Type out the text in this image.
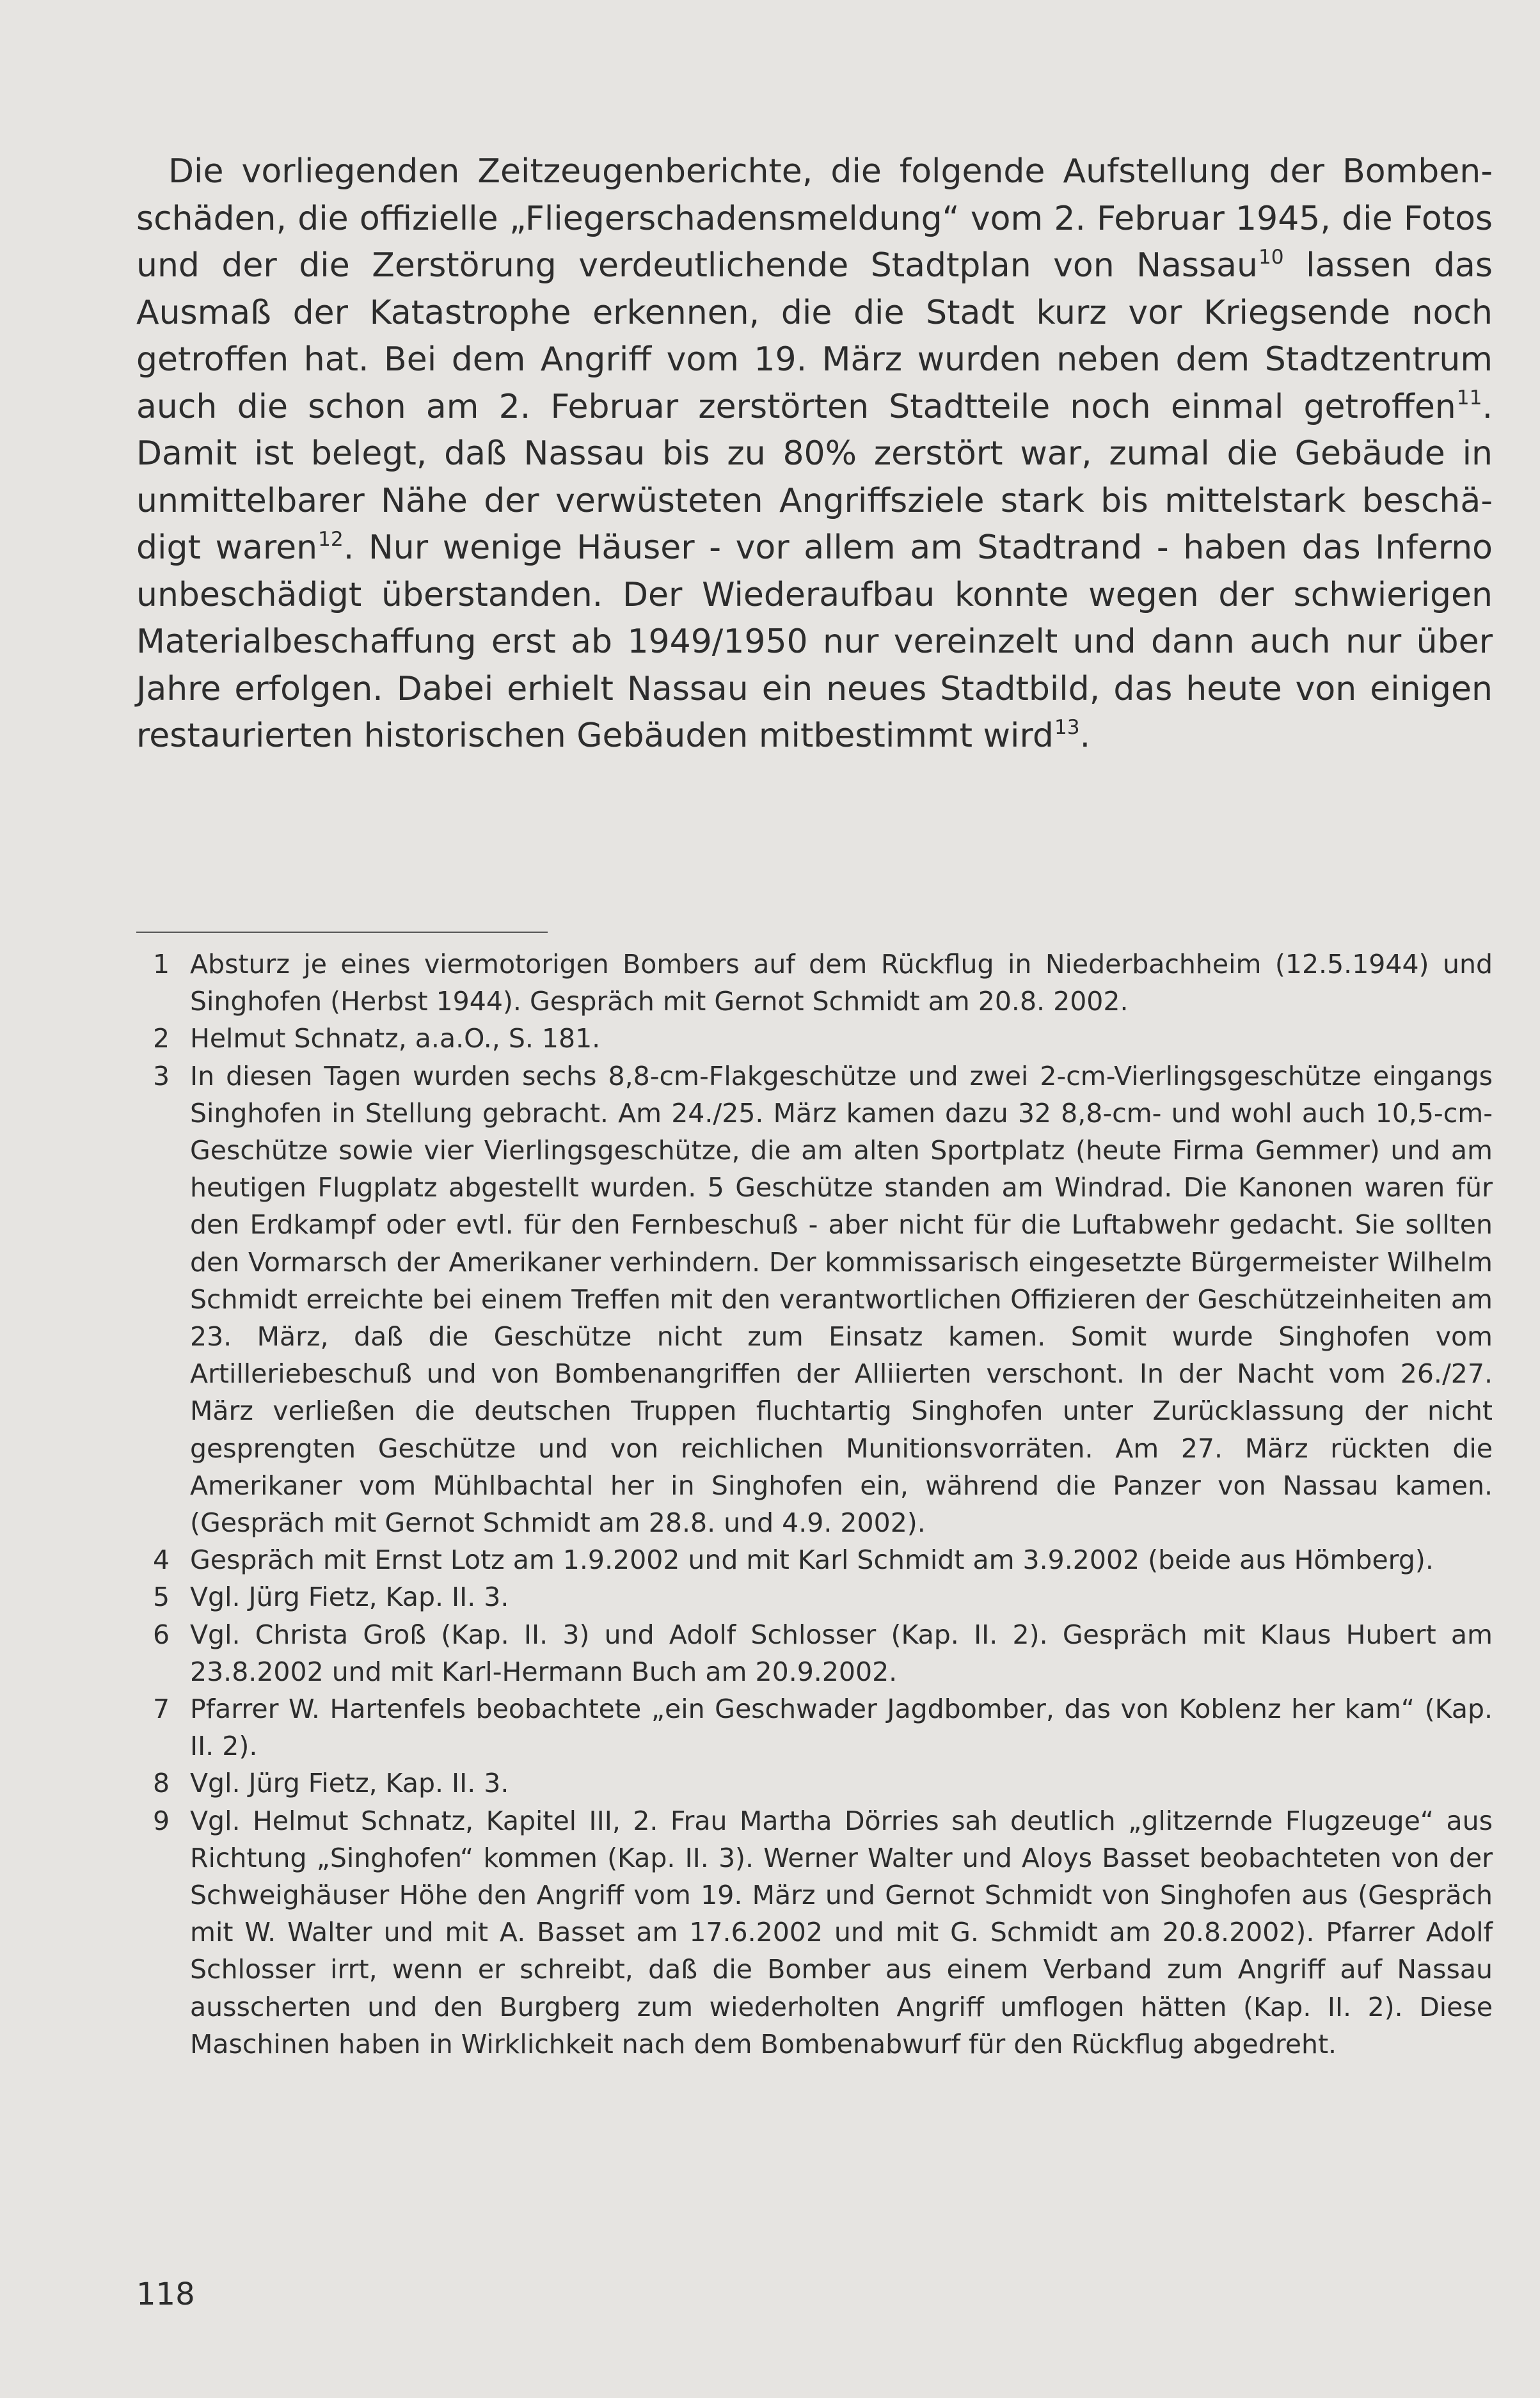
Die vorliegenden Zeitzeugenberichte, die folgende Aufstellung der Bombenschäden, die offizielle „Fliegerschadensmeldung“ vom 2. Februar 1945, die Fotos und der die Zerstörung verdeutlichende Stadtplan von Nassau$^{10}$ lassen das Ausmaß der Katastrophe erkennen, die die Stadt kurz vor Kriegsende noch getroffen hat. Bei dem Angriff vom 19. März wurden neben dem Stadtzentrum auch die schon am 2. Februar zerstörten Stadtteile noch einmal getroffen$^{11}$. Damit ist belegt, daß Nassau bis zu 80% zerstört war, zumal die Gebäude in unmittelbarer Nähe der verwüsteten Angriffsziele stark bis mittelstark beschädigt waren$^{12}$. Nur wenige Häuser - vor allem am Stadtrand - haben das Inferno unbeschädigt überstanden. Der Wiederaufbau konnte wegen der schwierigen Materialbeschaffung erst ab 1949/1950 nur vereinzelt und dann auch nur über Jahre erfolgen. Dabei erhielt Nassau ein neues Stadtbild, das heute von einigen restaurierten historischen Gebäuden mitbestimmt wird$^{13}$.

1 Absturz je eines viermotorigen Bombers auf dem Rückflug in Niederbachheim (12.5.1944) und Singhofen (Herbst 1944). Gespräch mit Gernot Schmidt am 20.8. 2002.
2 Helmut Schnatz, a.a.O., S. 181.
3 In diesen Tagen wurden sechs 8,8-cm-Flakgeschütze und zwei 2-cm-Vierlingsgeschütze eingangs Singhofen in Stellung gebracht. Am 24./25. März kamen dazu 32 8,8-cm- und wohl auch 10,5-cm-Geschütze sowie vier Vierlingsgeschütze, die am alten Sportplatz (heute Firma Gemmer) und am heutigen Flugplatz abgestellt wurden. 5 Geschütze standen am Windrad. Die Kanonen waren für den Erdkampf oder evtl. für den Fernbeschuß - aber nicht für die Luftabwehr gedacht. Sie sollten den Vormarsch der Amerikaner verhindern. Der kommissarisch eingesetzte Bürgermeister Wilhelm Schmidt erreichte bei einem Treffen mit den verantwortlichen Offizieren der Geschützeinheiten am 23. März, daß die Geschütze nicht zum Einsatz kamen. Somit wurde Singhofen vom Artilleriebeschuß und von Bombenangriffen der Alliierten verschont. In der Nacht vom 26./27. März verließen die deutschen Truppen fluchtartig Singhofen unter Zurücklassung der nicht gesprengten Geschütze und von reichlichen Munitionsvorräten. Am 27. März rückten die Amerikaner vom Mühlbachtal her in Singhofen ein, während die Panzer von Nassau kamen. (Gespräch mit Gernot Schmidt am 28.8. und 4.9. 2002).
4 Gespräch mit Ernst Lotz am 1.9.2002 und mit Karl Schmidt am 3.9.2002 (beide aus Hömberg).
5 Vgl. Jürg Fietz, Kap. II. 3.
6 Vgl. Christa Groß (Kap. II. 3) und Adolf Schlosser (Kap. II. 2). Gespräch mit Klaus Hubert am 23.8.2002 und mit Karl-Hermann Buch am 20.9.2002.
7 Pfarrer W. Hartenfels beobachtete „ein Geschwader Jagdbomber, das von Koblenz her kam“ (Kap. II. 2).
8 Vgl. Jürg Fietz, Kap. II. 3.
9 Vgl. Helmut Schnatz, Kapitel III, 2. Frau Martha Dörries sah deutlich „glitzernde Flugzeuge“ aus Richtung „Singhofen“ kommen (Kap. II. 3). Werner Walter und Aloys Basset beobachteten von der Schweighäuser Höhe den Angriff vom 19. März und Gernot Schmidt von Singhofen aus (Gespräch mit W. Walter und mit A. Basset am 17.6.2002 und mit G. Schmidt am 20.8.2002). Pfarrer Adolf Schlosser irrt, wenn er schreibt, daß die Bomber aus einem Verband zum Angriff auf Nassau ausscherten und den Burgberg zum wiederholten Angriff umflogen hätten (Kap. II. 2). Diese Maschinen haben in Wirklichkeit nach dem Bombenabwurf für den Rückflug abgedreht.
118
